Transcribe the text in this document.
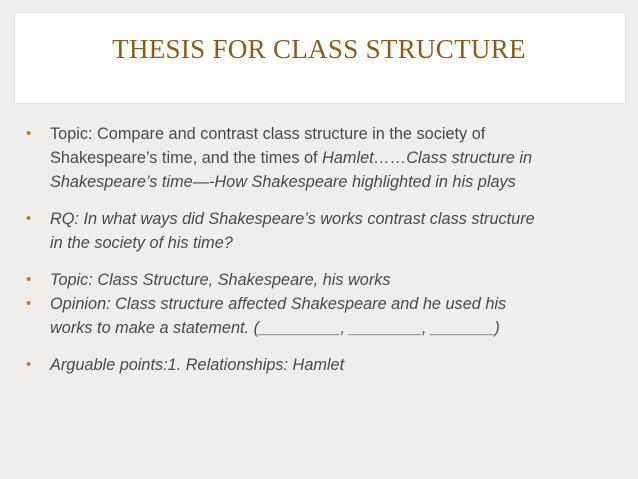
THESIS FOR CLASS STRUCTURE
• Topic: Compare and contrast class structure in the society of
Shakespeare’s time, and the times of Hamlet……Class structure in
Shakespeare’s time—-How Shakespeare highlighted in his plays
• RQ: In what ways did Shakespeare’s works contrast class structure
in the society of his time?
• Topic: Class Structure, Shakespeare, his works
• Opinion: Class structure affected Shakespeare and he used his
works to make a statement. (_________, ________, _______)
• Arguable points:1. Relationships: Hamlet
